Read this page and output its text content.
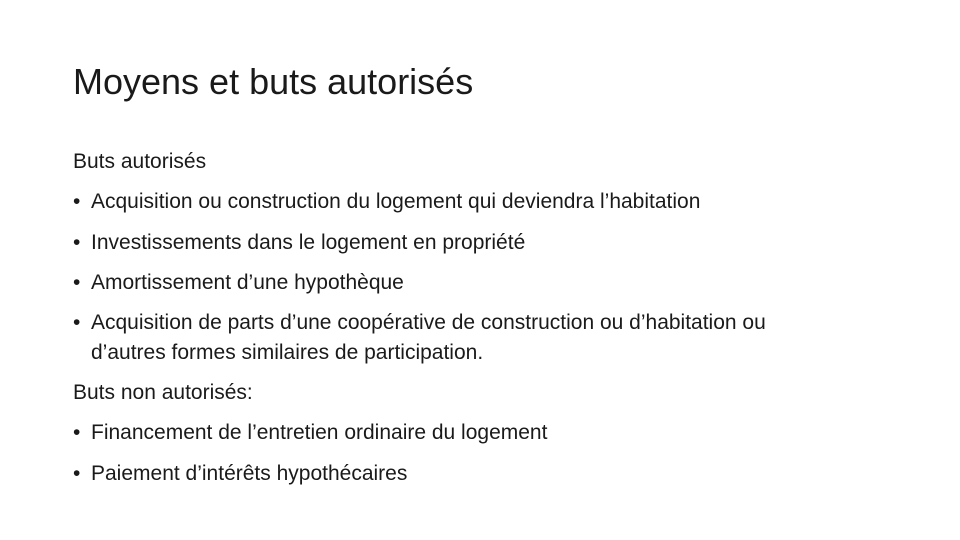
Moyens et buts autorisés
Buts autorisés
• Acquisition ou construction du logement qui deviendra l’habitation
• Investissements dans le logement en propriété
• Amortissement d’une hypothèque
• Acquisition de parts d’une coopérative de construction ou d’habitation ou d’autres formes similaires de participation.
Buts non autorisés:
• Financement de l’entretien ordinaire du logement
• Paiement d’intérêts hypothécaires
